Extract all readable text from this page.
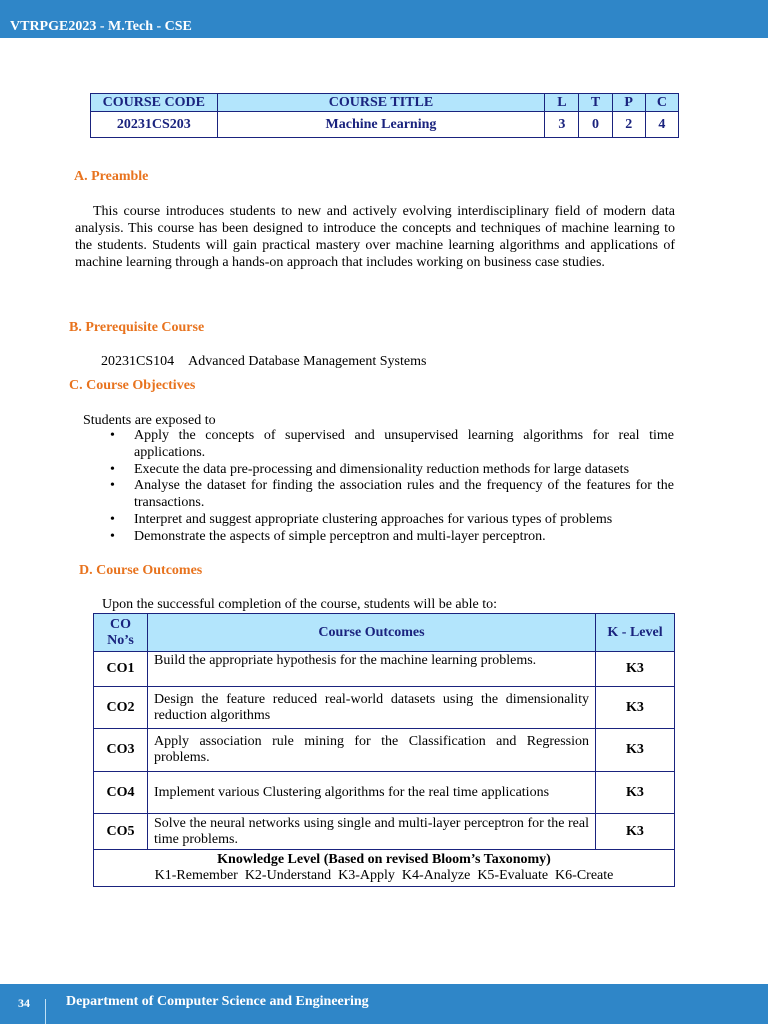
VTRPGE2023 - M.Tech - CSE
COURSE CODE	COURSE TITLE	L	T	P	C
20231CS203	Machine Learning	3	0	2	4
A. Preamble
This course introduces students to new and actively evolving interdisciplinary field of modern data analysis. This course has been designed to introduce the concepts and techniques of machine learning to the students. Students will gain practical mastery over machine learning algorithms and applications of machine learning through a hands-on approach that includes working on business case studies.
B. Prerequisite Course
20231CS104 Advanced Database Management Systems
C. Course Objectives
Students are exposed to
• Apply the concepts of supervised and unsupervised learning algorithms for real time applications.
• Execute the data pre-processing and dimensionality reduction methods for large datasets
• Analyse the dataset for finding the association rules and the frequency of the features for the transactions.
• Interpret and suggest appropriate clustering approaches for various types of problems
• Demonstrate the aspects of simple perceptron and multi-layer perceptron.
D. Course Outcomes
Upon the successful completion of the course, students will be able to:
CO
No’s	Course Outcomes	K - Level
CO1	Build the appropriate hypothesis for the machine learning problems.	K3
CO2	Design the feature reduced real-world datasets using the dimensionality reduction algorithms	K3
CO3	Apply association rule mining for the Classification and Regression problems.	K3
CO4	Implement various Clustering algorithms for the real time applications	K3
CO5	Solve the neural networks using single and multi-layer perceptron for the real time problems.	K3

Knowledge Level (Based on revised Bloom’s Taxonomy)
K1-Remember  K2-Understand  K3-Apply  K4-Analyze  K5-Evaluate  K6-Create		
34	Department of Computer Science and Engineering
